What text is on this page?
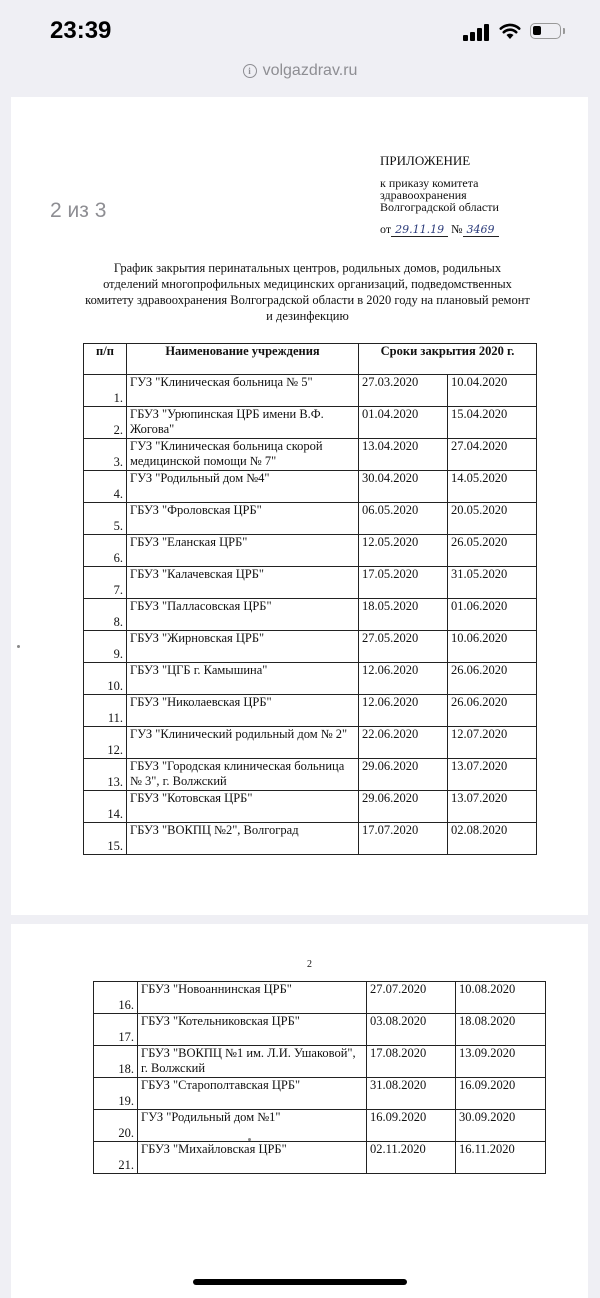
23:39
i volgazdrav.ru
2 из 3
ПРИЛОЖЕНИЕ
к приказу комитета здравоохранения Волгоградской области
от 29.11.19 № 3469
График закрытия перинатальных центров, родильных домов, родильных отделений многопрофильных медицинских организаций, подведомственных комитету здравоохранения Волгоградской области в 2020 году на плановый ремонт и дезинфекцию
п/п	Наименование учреждения	Сроки закрытия 2020 г.	
1.	ГУЗ "Клиническая больница № 5"	27.03.2020	10.04.2020
2.	ГБУЗ "Урюпинская ЦРБ имени В.Ф. Жогова"	01.04.2020	15.04.2020
3.	ГУЗ "Клиническая больница скорой медицинской помощи № 7"	13.04.2020	27.04.2020
4.	ГУЗ "Родильный дом №4"	30.04.2020	14.05.2020
5.	ГБУЗ "Фроловская ЦРБ"	06.05.2020	20.05.2020
6.	ГБУЗ "Еланская ЦРБ"	12.05.2020	26.05.2020
7.	ГБУЗ "Калачевская ЦРБ"	17.05.2020	31.05.2020
8.	ГБУЗ "Палласовская ЦРБ"	18.05.2020	01.06.2020
9.	ГБУЗ "Жирновская ЦРБ"	27.05.2020	10.06.2020
10.	ГБУЗ "ЦГБ г. Камышина"	12.06.2020	26.06.2020
11.	ГБУЗ "Николаевская ЦРБ"	12.06.2020	26.06.2020
12.	ГУЗ "Клинический родильный дом № 2"	22.06.2020	12.07.2020
13.	ГБУЗ "Городская клиническая больница № 3", г. Волжский	29.06.2020	13.07.2020
14.	ГБУЗ "Котовская ЦРБ"	29.06.2020	13.07.2020
15.	ГБУЗ "ВОКПЦ №2", Волгоград	17.07.2020	02.08.2020
2
16.	ГБУЗ "Новоаннинская ЦРБ"	27.07.2020	10.08.2020
17.	ГБУЗ "Котельниковская ЦРБ"	03.08.2020	18.08.2020
18.	ГБУЗ "ВОКПЦ №1 им. Л.И. Ушаковой", г. Волжский	17.08.2020	13.09.2020
19.	ГБУЗ "Старополтавская ЦРБ"	31.08.2020	16.09.2020
20.	ГУЗ "Родильный дом №1"	16.09.2020	30.09.2020
21.	ГБУЗ "Михайловская ЦРБ"	02.11.2020	16.11.2020
